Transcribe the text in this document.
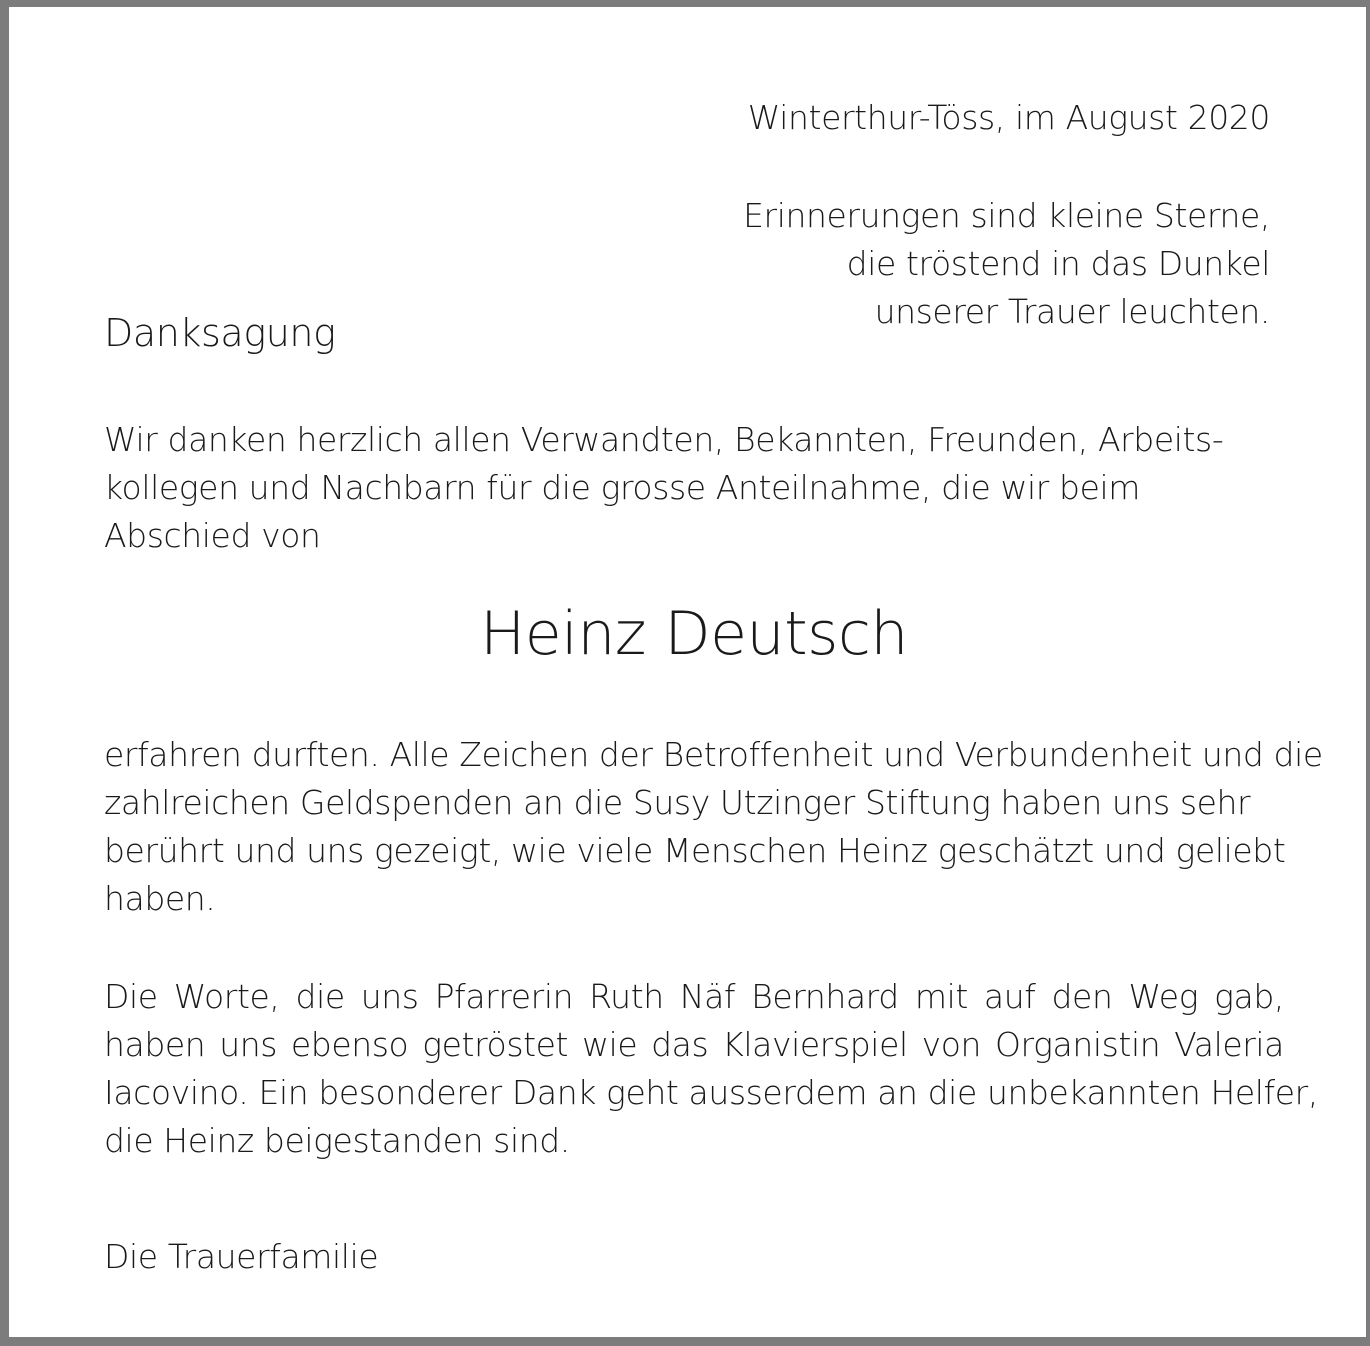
Winterthur-Töss, im August 2020

Erinnerungen sind kleine Sterne,

die tröstend in das Dunkel

unserer Trauer leuchten.

Danksagung

Wir danken herzlich allen Verwandten, Bekannten, Freunden, Arbeits-

kollegen und Nachbarn für die grosse Anteilnahme, die wir beim

Abschied von

Heinz Deutsch

erfahren durften. Alle Zeichen der Betroffenheit und Verbundenheit und die
zahlreichen Geldspenden an die Susy Utzinger Stiftung haben uns sehr
berührt und uns gezeigt, wie viele Menschen Heinz geschätzt und geliebt
haben.
Die Worte, die uns Pfarrerin Ruth Näf Bernhard mit auf den Weg gab,
haben uns ebenso getröstet wie das Klavierspiel von Organistin Valeria
Iacovino. Ein besonderer Dank geht ausserdem an die unbekannten Helfer,
die Heinz beigestanden sind.

Die Trauerfamilie
